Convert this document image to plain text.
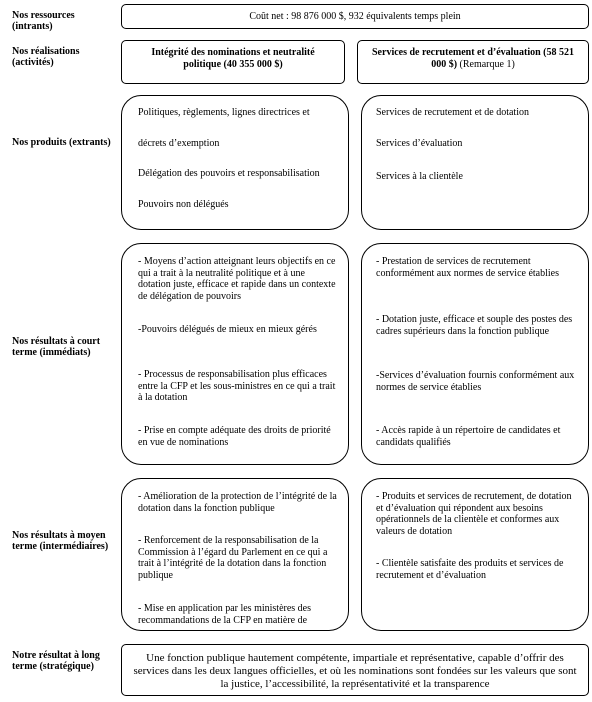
Nos ressources (intrants)
Nos réalisations (activités)
Nos produits (extrants)
Nos résultats à court terme (immédiats)
Nos résultats à moyen terme (intermédiaires)
Notre résultat à long terme (stratégique)
Coût net : 98 876 000 $, 932 équivalents temps plein
Intégrité des nominations et neutralité politique (40 355 000 $)
Services de recrutement et d’évaluation (58 521 000 $) (Remarque 1)
Politiques, règlements, lignes directrices et
décrets d’exemption
Délégation des pouvoirs et responsabilisation
Pouvoirs non délégués
Services de recrutement et de dotation
Services d’évaluation
Services à la clientèle
- Moyens d’action atteignant leurs objectifs en ce qui a trait à la neutralité politique et à une dotation juste, efficace et rapide dans un contexte de délégation de pouvoirs
-Pouvoirs délégués de mieux en mieux gérés
- Processus de responsabilisation plus efficaces entre la CFP et les sous-ministres en ce qui a trait à la dotation
- Prise en compte adéquate des droits de priorité en vue de nominations
- Prestation de services de recrutement conformément aux normes de service établies
- Dotation juste, efficace et souple des postes des cadres supérieurs dans la fonction publique
-Services d’évaluation fournis conformément aux normes de service établies
- Accès rapide à un répertoire de candidates et candidats qualifiés
- Amélioration de la protection de l’intégrité de la dotation dans la fonction publique
- Renforcement de la responsabilisation de la Commission à l’égard du Parlement en ce qui a trait à l’intégrité de la dotation dans la fonction publique
- Mise en application par les ministères des recommandations de la CFP en matière de
- Produits et services de recrutement, de dotation et d’évaluation qui répondent aux besoins opérationnels de la clientèle et conformes aux valeurs de dotation
- Clientèle satisfaite des produits et services de recrutement et d’évaluation
Une fonction publique hautement compétente, impartiale et représentative, capable d’offrir des services dans les deux langues officielles, et où les nominations sont fondées sur les valeurs que sont la justice, l’accessibilité, la représentativité et la transparence
